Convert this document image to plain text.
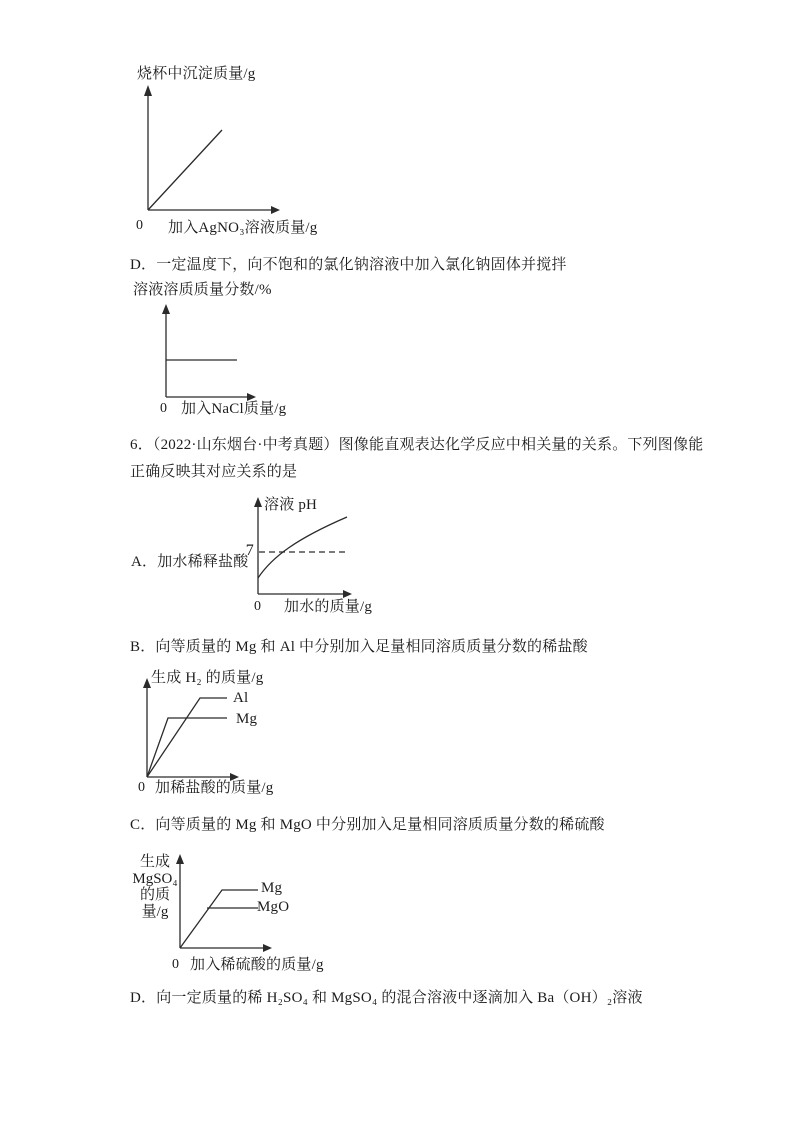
烧杯中沉淀质量/g
0 加入AgNO₃溶液质量/g
D．一定温度下，向不饱和的氯化钠溶液中加入氯化钠固体并搅拌
溶液溶质质量分数/%
0 加入NaCl质量/g
6．（2022·山东烟台·中考真题）图像能直观表达化学反应中相关量的关系。下列图像能
正确反映其对应关系的是
A．加水稀释盐酸
溶液 pH
7
0 加水的质量/g
B．向等质量的 Mg 和 Al 中分别加入足量相同溶质质量分数的稀盐酸
生成 H₂ 的质量/g
Al
Mg
0 加稀盐酸的质量/g
C．向等质量的 Mg 和 MgO 中分别加入足量相同溶质质量分数的稀硫酸
生成
MgSO₄
的质
量/g
Mg
MgO
0 加入稀硫酸的质量/g
D．向一定质量的稀 H₂SO₄ 和 MgSO₄ 的混合溶液中逐滴加入 Ba（OH）₂溶液
